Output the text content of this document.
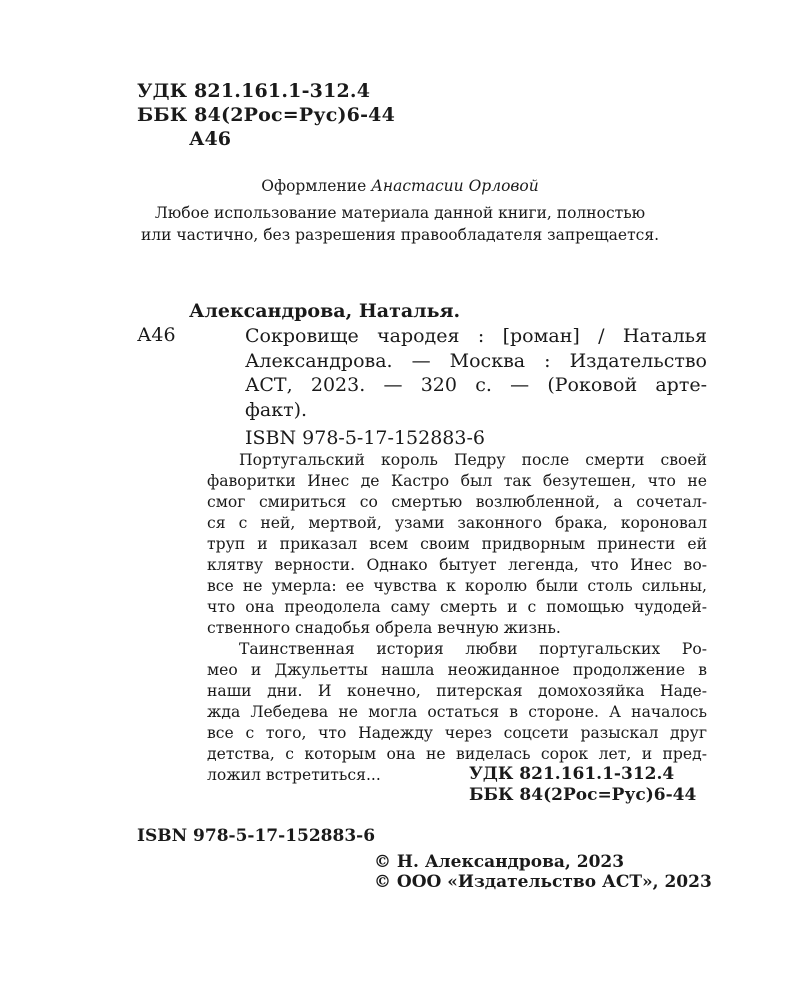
УДК 821.161.1-312.4
ББК 84(2Рос=Рус)6-44
А46
Оформление Анастасии Орловой
Любое использование материала данной книги, полностью
или частично, без разрешения правообладателя запрещается.
Александрова, Наталья.
А46	Сокровище чародея : [роман] / Наталья
Александрова. — Москва : Издательство
АСТ, 2023. — 320 с. — (Роковой арте-
факт).
ISBN 978-5-17-152883-6

Португальский король Педру после смерти своей
фаворитки Инес де Кастро был так безутешен, что не
смог смириться со смертью возлюбленной, а сочетал-
ся с ней, мертвой, узами законного брака, короновал
труп и приказал всем своим придворным принести ей
клятву верности. Однако бытует легенда, что Инес во-
все не умерла: ее чувства к королю были столь сильны,
что она преодолела саму смерть и с помощью чудодей-
ственного снадобья обрела вечную жизнь.

Таинственная история любви португальских Ро-
мео и Джульетты нашла неожиданное продолжение в
наши дни. И конечно, питерская домохозяйка Наде-
жда Лебедева не могла остаться в стороне. А началось
все с того, что Надежду через соцсети разыскал друг
детства, с которым она не виделась сорок лет, и пред-
ложил встретиться...	УДК 821.161.1-312.4
ББК 84(2Рос=Рус)6-44
ISBN 978-5-17-152883-6
© Н. Александрова, 2023
© ООО «Издательство АСТ», 2023
